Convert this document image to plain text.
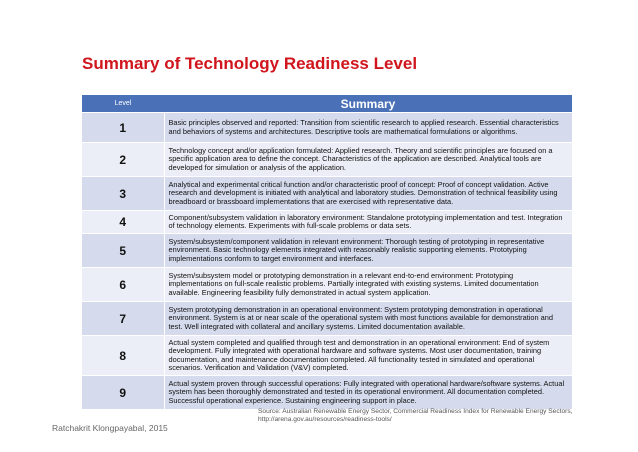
Summary of Technology Readiness Level
Level	Summary
1	Basic principles observed and reported: Transition from scientific research to applied research. Essential characteristics and behaviors of systems and architectures. Descriptive tools are mathematical formulations or algorithms.
2	Technology concept and/or application formulated: Applied research. Theory and scientific principles are focused on a specific application area to define the concept. Characteristics of the application are described. Analytical tools are developed for simulation or analysis of the application.
3	Analytical and experimental critical function and/or characteristic proof of concept: Proof of concept validation. Active research and development is initiated with analytical and laboratory studies. Demonstration of technical feasibility using breadboard or brassboard implementations that are exercised with representative data.
4	Component/subsystem validation in laboratory environment: Standalone prototyping implementation and test. Integration of technology elements. Experiments with full-scale problems or data sets.
5	System/subsystem/component validation in relevant environment: Thorough testing of prototyping in representative environment. Basic technology elements integrated with reasonably realistic supporting elements. Prototyping implementations conform to target environment and interfaces.
6	System/subsystem model or prototyping demonstration in a relevant end-to-end environment: Prototyping implementations on full-scale realistic problems. Partially integrated with existing systems. Limited documentation available. Engineering feasibility fully demonstrated in actual system application.
7	System prototyping demonstration in an operational environment: System prototyping demonstration in operational environment. System is at or near scale of the operational system with most functions available for demonstration and test. Well integrated with collateral and ancillary systems. Limited documentation available.
8	Actual system completed and qualified through test and demonstration in an operational environment: End of system development. Fully integrated with operational hardware and software systems. Most user documentation, training documentation, and maintenance documentation completed. All functionality tested in simulated and operational scenarios. Verification and Validation (V&V) completed.
9	Actual system proven through successful operations: Fully integrated with operational hardware/software systems. Actual system has been thoroughly demonstrated and tested in its operational environment. All documentation completed. Successful operational experience. Sustaining engineering support in place.
Ratchakrit Klongpayabal, 2015
Source: Australian Renewable Energy Sector, Commercial Readiness Index for Renewable Energy Sectors, http://arena.gov.au/resources/readiness-tools/
